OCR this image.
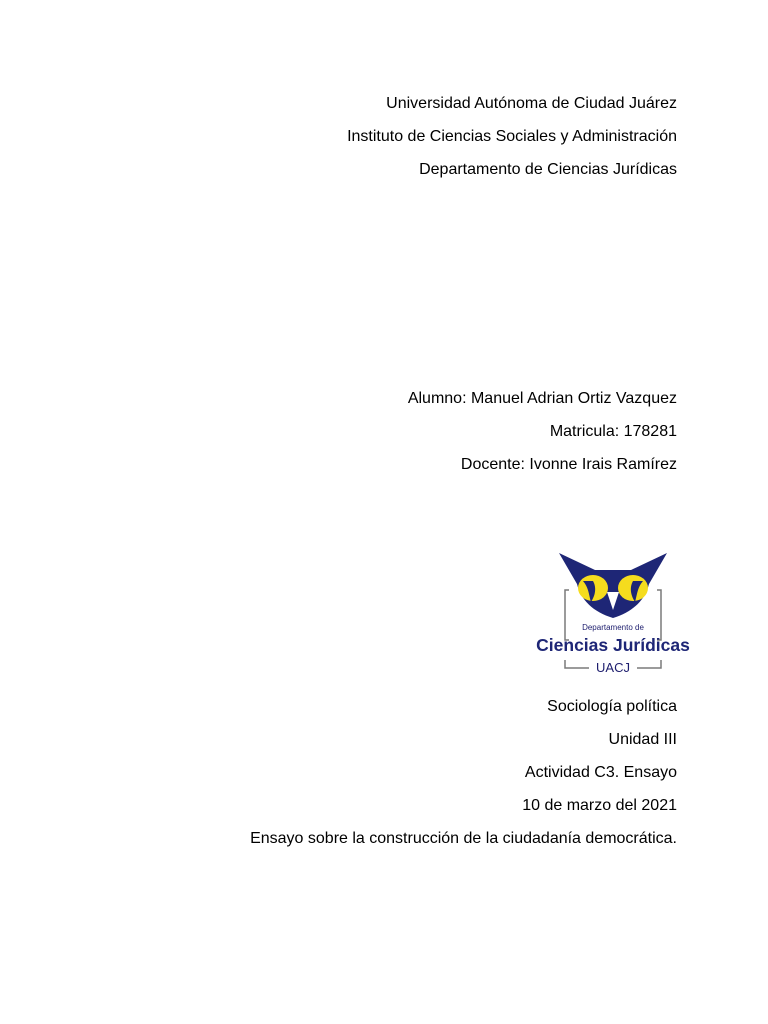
Universidad Autónoma de Ciudad Juárez
Instituto de Ciencias Sociales y Administración
Departamento de Ciencias Jurídicas
Alumno: Manuel Adrian Ortiz Vazquez
Matricula: 178281
Docente: Ivonne Irais Ramírez
Departamento de
Ciencias Jurídicas
UACJ
Sociología política
Unidad III
Actividad C3. Ensayo
10 de marzo del 2021
Ensayo sobre la construcción de la ciudadanía democrática.
